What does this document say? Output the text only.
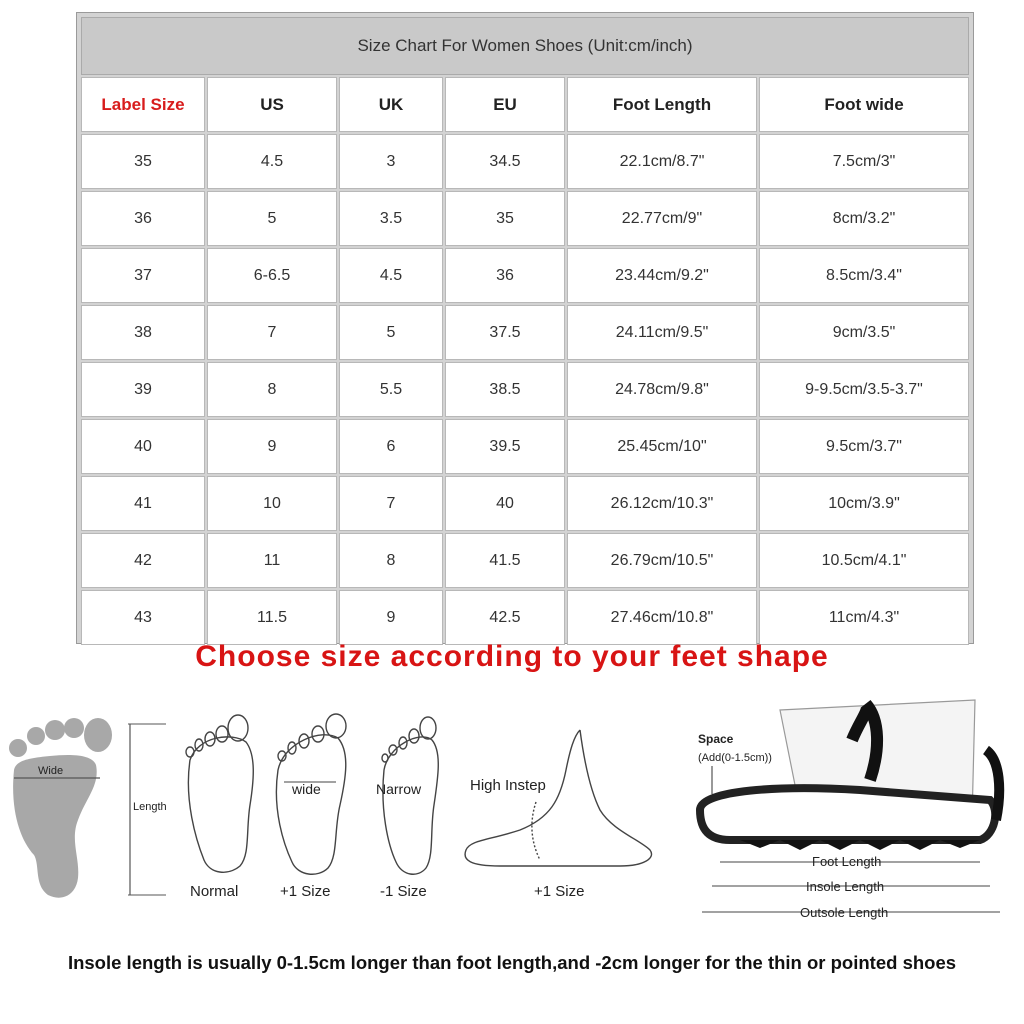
Size Chart For Women Shoes (Unit:cm/inch)
Label Size	US	UK	EU	Foot Length	Foot wide
35	4.5	3	34.5	22.1cm/8.7"	7.5cm/3"
36	5	3.5	35	22.77cm/9"	8cm/3.2"
37	6-6.5	4.5	36	23.44cm/9.2"	8.5cm/3.4"
38	7	5	37.5	24.11cm/9.5"	9cm/3.5"
39	8	5.5	38.5	24.78cm/9.8"	9-9.5cm/3.5-3.7"
40	9	6	39.5	25.45cm/10"	9.5cm/3.7"
41	10	7	40	26.12cm/10.3"	10cm/3.9"
42	11	8	41.5	26.79cm/10.5"	10.5cm/4.1"
43	11.5	9	42.5	27.46cm/10.8"	11cm/4.3"
Choose size according to your feet shape
Wide
Length
Normal
wide
+1 Size
Narrow
-1 Size
High Instep
+1 Size
Space
(Add(0-1.5cm))
Foot Length
Insole Length
Outsole Length
Insole length is usually 0-1.5cm longer than foot length,and -2cm longer for the thin or pointed shoes
